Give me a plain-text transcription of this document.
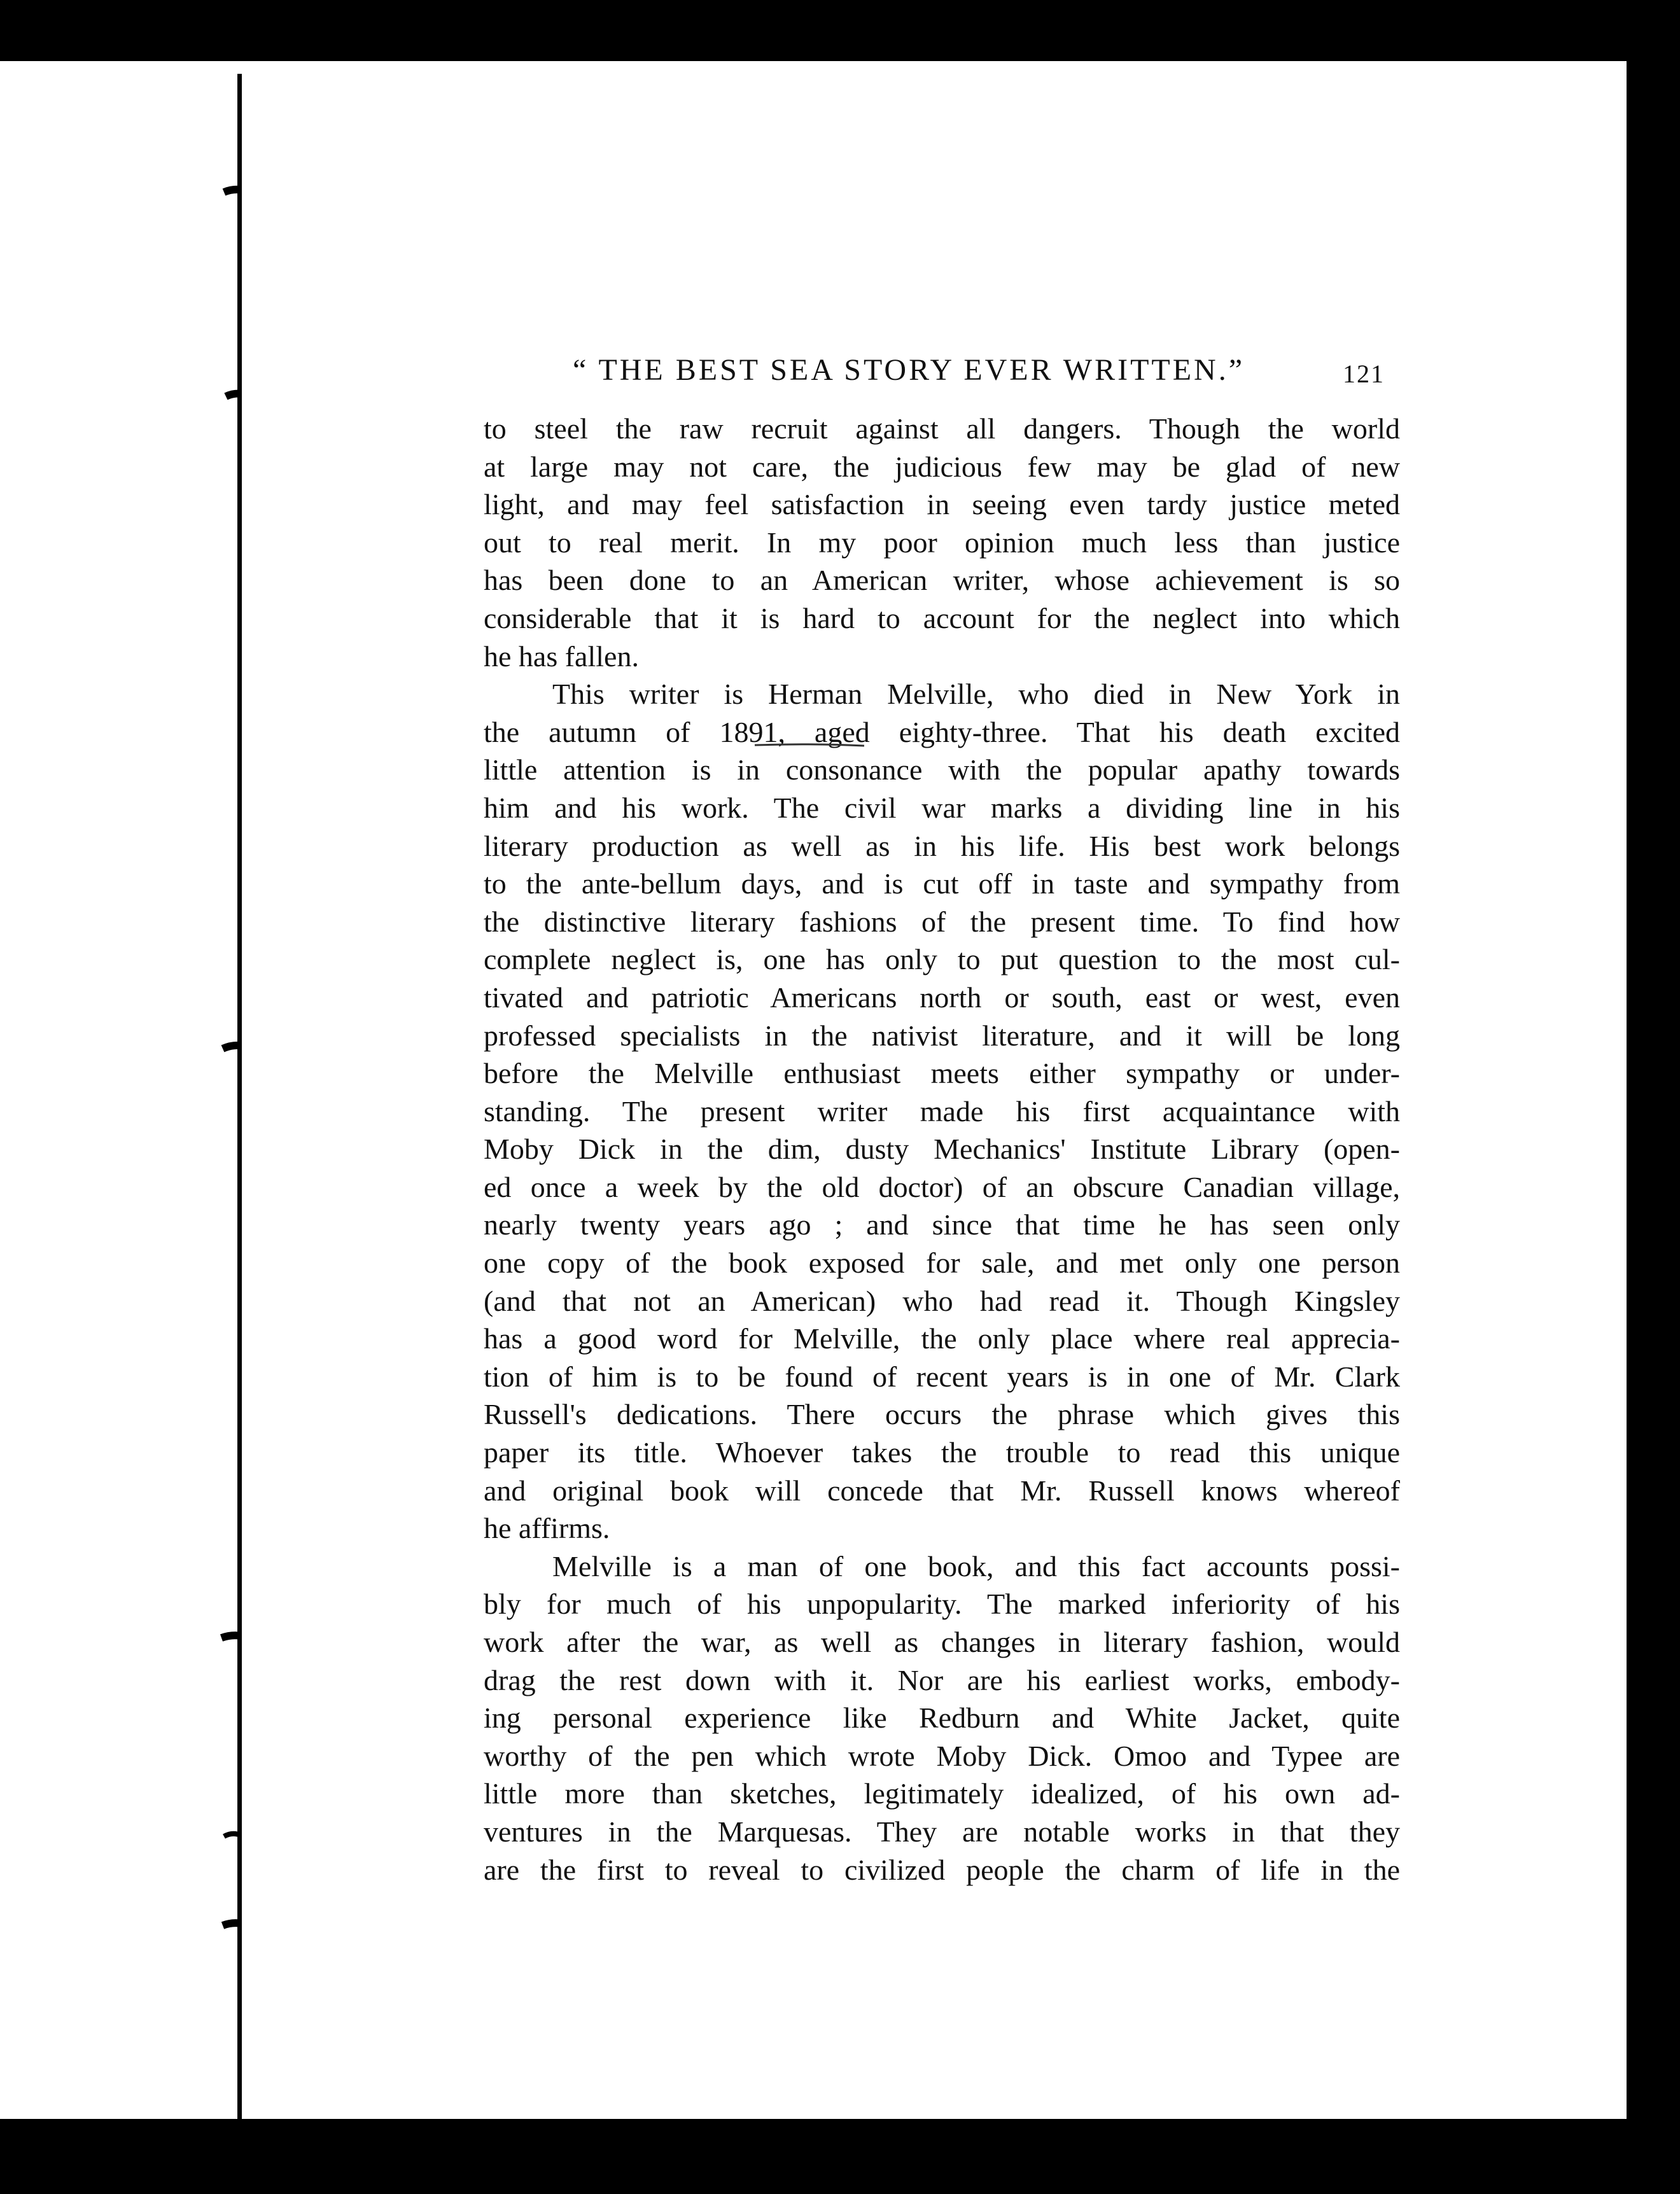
“ THE BEST SEA STORY EVER WRITTEN.”	121
to steel the raw recruit against all dangers. Though the world
at large may not care, the judicious few may be glad of new
light, and may feel satisfaction in seeing even tardy justice meted
out to real merit. In my poor opinion much less than justice
has been done to an American writer, whose achievement is so
considerable that it is hard to account for the neglect into which
he has fallen.
This writer is Herman Melville, who died in New York in
the autumn of 1891, aged eighty-three. That his death excited
little attention is in consonance with the popular apathy towards
him and his work. The civil war marks a dividing line in his
literary production as well as in his life. His best work belongs
to the ante-bellum days, and is cut off in taste and sympathy from
the distinctive literary fashions of the present time. To find how
complete neglect is, one has only to put question to the most cul-
tivated and patriotic Americans north or south, east or west, even
professed specialists in the nativist literature, and it will be long
before the Melville enthusiast meets either sympathy or under-
standing. The present writer made his first acquaintance with
Moby Dick in the dim, dusty Mechanics' Institute Library (open-
ed once a week by the old doctor) of an obscure Canadian village,
nearly twenty years ago ; and since that time he has seen only
one copy of the book exposed for sale, and met only one person
(and that not an American) who had read it. Though Kingsley
has a good word for Melville, the only place where real apprecia-
tion of him is to be found of recent years is in one of Mr. Clark
Russell's dedications. There occurs the phrase which gives this
paper its title. Whoever takes the trouble to read this unique
and original book will concede that Mr. Russell knows whereof
he affirms.
Melville is a man of one book, and this fact accounts possi-
bly for much of his unpopularity. The marked inferiority of his
work after the war, as well as changes in literary fashion, would
drag the rest down with it. Nor are his earliest works, embody-
ing personal experience like Redburn and White Jacket, quite
worthy of the pen which wrote Moby Dick. Omoo and Typee are
little more than sketches, legitimately idealized, of his own ad-
ventures in the Marquesas. They are notable works in that they
are the first to reveal to civilized people the charm of life in the
